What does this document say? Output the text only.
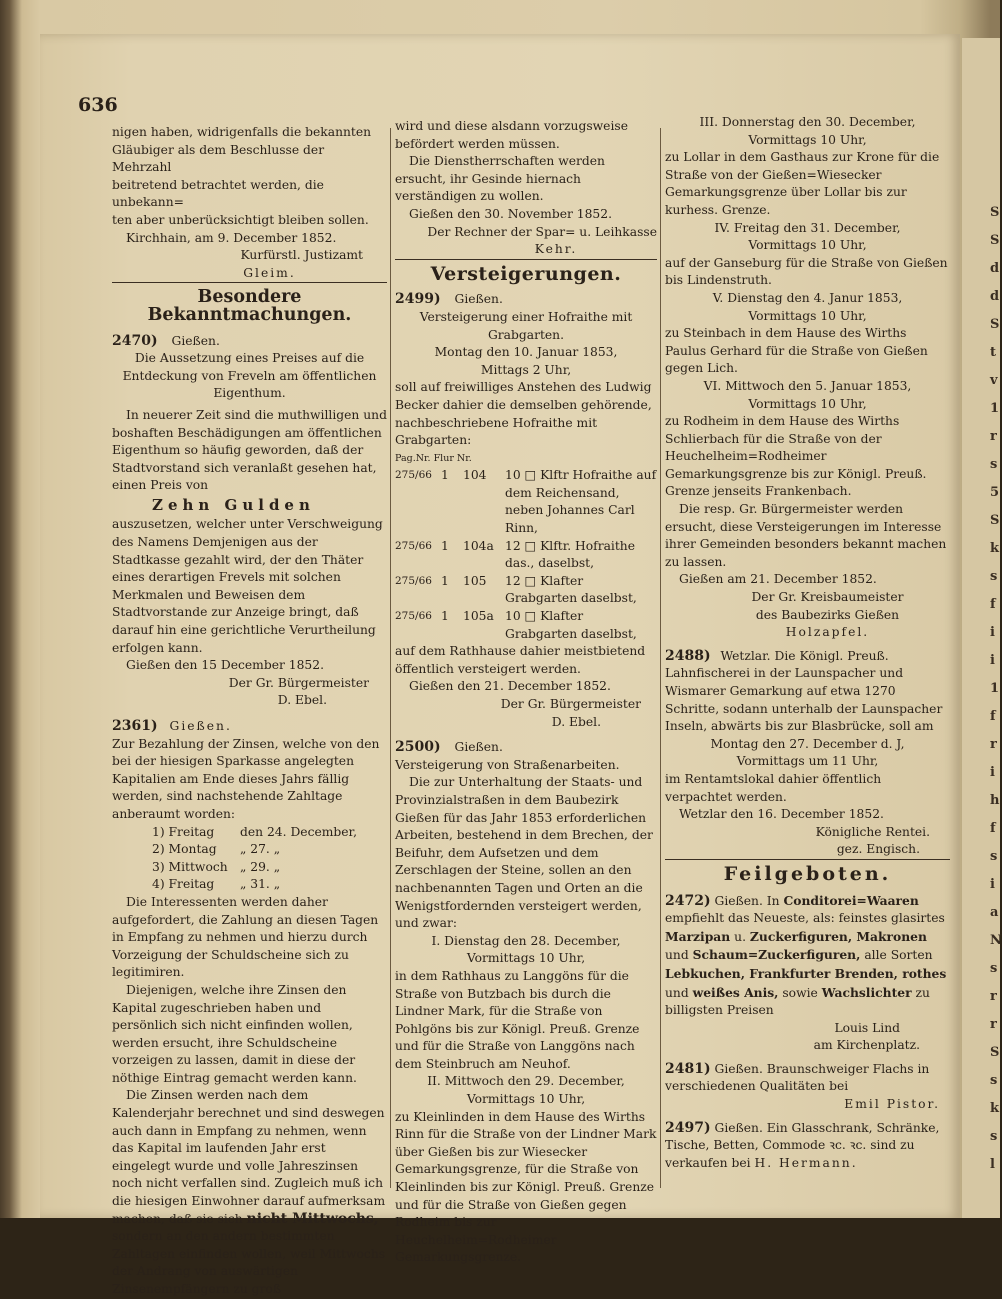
636
nigen haben, widrigenfalls die bekannten
Gläubiger als dem Beschlusse der Mehrzahl
beitretend betrachtet werden, die unbekann=
ten aber unberücksichtigt bleiben sollen.
Kirchhain, am 9. December 1852.
Kurfürstl. Justizamt
Gleim.
Besondere Bekanntmachungen.
2470) Gießen.
Die Aussetzung eines Preises auf die Entdeckung von Freveln am öffentlichen Eigenthum.
In neuerer Zeit sind die muthwilligen und boshaften Beschädigungen am öffentlichen Eigenthum so häufig geworden, daß der Stadtvorstand sich veranlaßt gesehen hat, einen Preis von
Zehn Gulden
auszusetzen, welcher unter Verschweigung des Namens Demjenigen aus der Stadtkasse gezahlt wird, der den Thäter eines derartigen Frevels mit solchen Merkmalen und Beweisen dem Stadtvorstande zur Anzeige bringt, daß darauf hin eine gerichtliche Verurtheilung erfolgen kann.
Gießen den 15 December 1852.
Der Gr. Bürgermeister
D. Ebel.
2361) Gießen.
Zur Bezahlung der Zinsen, welche von den bei der hiesigen Sparkasse angelegten Kapitalien am Ende dieses Jahrs fällig werden, sind nachstehende Zahltage anberaumt worden:
1) Freitag	den 24. December,
2) Montag	„ 27. „
3) Mittwoch	„ 29. „
4) Freitag	„ 31. „
Die Interessenten werden daher aufgefordert, die Zahlung an diesen Tagen in Empfang zu nehmen und hierzu durch Vorzeigung der Schuldscheine sich zu legitimiren.
Diejenigen, welche ihre Zinsen den Kapital zugeschrieben haben und persönlich sich nicht einfinden wollen, werden ersucht, ihre Schuldscheine vorzeigen zu lassen, damit in diese der nöthige Eintrag gemacht werden kann.
Die Zinsen werden nach dem Kalenderjahr berechnet und sind deswegen auch dann in Empfang zu nehmen, wenn das Kapital im laufenden Jahr erst eingelegt wurde und volle Jahreszinsen noch nicht verfallen sind. Zugleich muß ich die hiesigen Einwohner darauf aufmerksam machen, daß sie sich nicht Mittwochs, sondern an den andern bestimmten Zahltagen einfinden wollen, weil Mittwochs der Andrang von auswärtigen Zinsenempfängern zu groß
wird und diese alsdann vorzugsweise befördert werden müssen.
Die Dienstherrschaften werden ersucht, ihr Gesinde hiernach verständigen zu wollen.
Gießen den 30. November 1852.
Der Rechner der Spar= u. Leihkasse
Kehr.
Versteigerungen.
2499) Gießen.
Versteigerung einer Hofraithe mit Grabgarten.
Montag den 10. Januar 1853,
Mittags 2 Uhr,
soll auf freiwilliges Anstehen des Ludwig Becker dahier die demselben gehörende, nachbeschriebene Hofraithe mit Grabgarten:
Pag.Nr. Flur Nr.
275/66 1	104	10 □ Klftr Hofraithe auf dem Reichensand, neben Johannes Carl Rinn,
275/66 1	104a 12 □ Klftr. Hofraithe das., daselbst,
275/66 1	105	12 □ Klafter Grabgarten daselbst,
275/66 1	105a 10 □ Klafter Grabgarten daselbst,
auf dem Rathhause dahier meistbietend öffentlich versteigert werden.
Gießen den 21. December 1852.
Der Gr. Bürgermeister
D. Ebel.
2500) Gießen.
Versteigerung von Straßenarbeiten.
Die zur Unterhaltung der Staats- und Provinzialstraßen in dem Baubezirk Gießen für das Jahr 1853 erforderlichen Arbeiten, bestehend in dem Brechen, der Beifuhr, dem Aufsetzen und dem Zerschlagen der Steine, sollen an den nachbenannten Tagen und Orten an die Wenigstfordernden versteigert werden, und zwar:
I. Dienstag den 28. December,
Vormittags 10 Uhr,
in dem Rathhaus zu Langgöns für die Straße von Butzbach bis durch die Lindner Mark, für die Straße von Pohlgöns bis zur Königl. Preuß. Grenze und für die Straße von Langgöns nach dem Steinbruch am Neuhof.
II. Mittwoch den 29. December,
Vormittags 10 Uhr,
zu Kleinlinden in dem Hause des Wirths Rinn für die Straße von der Lindner Mark über Gießen bis zur Wiesecker Gemarkungsgrenze, für die Straße von Kleinlinden bis zur Königl. Preuß. Grenze und für die Straße von Gießen gegen Rodheim bis zur Heuchelheim=Rodheimer Gemarkungsgrenze.
III. Donnerstag den 30. December,
Vormittags 10 Uhr,
zu Lollar in dem Gasthaus zur Krone für die Straße von der Gießen=Wiesecker Gemarkungsgrenze über Lollar bis zur kurhess. Grenze.
IV. Freitag den 31. December,
Vormittags 10 Uhr,
auf der Ganseburg für die Straße von Gießen bis Lindenstruth.
V. Dienstag den 4. Janur 1853,
Vormittags 10 Uhr,
zu Steinbach in dem Hause des Wirths Paulus Gerhard für die Straße von Gießen gegen Lich.
VI. Mittwoch den 5. Januar 1853,
Vormittags 10 Uhr,
zu Rodheim in dem Hause des Wirths Schlierbach für die Straße von der Heuchelheim=Rodheimer Gemarkungsgrenze bis zur Königl. Preuß. Grenze jenseits Frankenbach.
Die resp. Gr. Bürgermeister werden ersucht, diese Versteigerungen im Interesse ihrer Gemeinden besonders bekannt machen zu lassen.
Gießen am 21. December 1852.
Der Gr. Kreisbaumeister
des Baubezirks Gießen
Holzapfel.
2488) Wetzlar. Die Königl. Preuß. Lahnfischerei in der Launspacher und Wismarer Gemarkung auf etwa 1270 Schritte, sodann unterhalb der Launspacher Inseln, abwärts bis zur Blasbrücke, soll am
Montag den 27. December d. J,
Vormittags um 11 Uhr,
im Rentamtslokal dahier öffentlich verpachtet werden.
Wetzlar den 16. December 1852.
Königliche Rentei.
gez. Engisch.
Feilgeboten.
2472) Gießen. In Conditorei=Waaren empfiehlt das Neueste, als: feinstes glasirtes Marzipan u. Zuckerfiguren, Makronen und Schaum=Zuckerfiguren, alle Sorten Lebkuchen, Frankfurter Brenden, rothes und weißes Anis, sowie Wachslichter zu billigsten Preisen
Louis Lind
am Kirchenplatz.
2481) Gießen. Braunschweiger Flachs in verschiedenen Qualitäten bei
Emil Pistor.
2497) Gießen. Ein Glasschrank, Schränke, Tische, Betten, Commode ꝛc. ꝛc. sind zu verkaufen bei H. Hermann.
S
S
d
d
S
t
v
1
r
s
5
S
k
s
f
i
i
1
f
r
i
h
f
s
i
a
N
s
r
r
S
s
k
s
l
